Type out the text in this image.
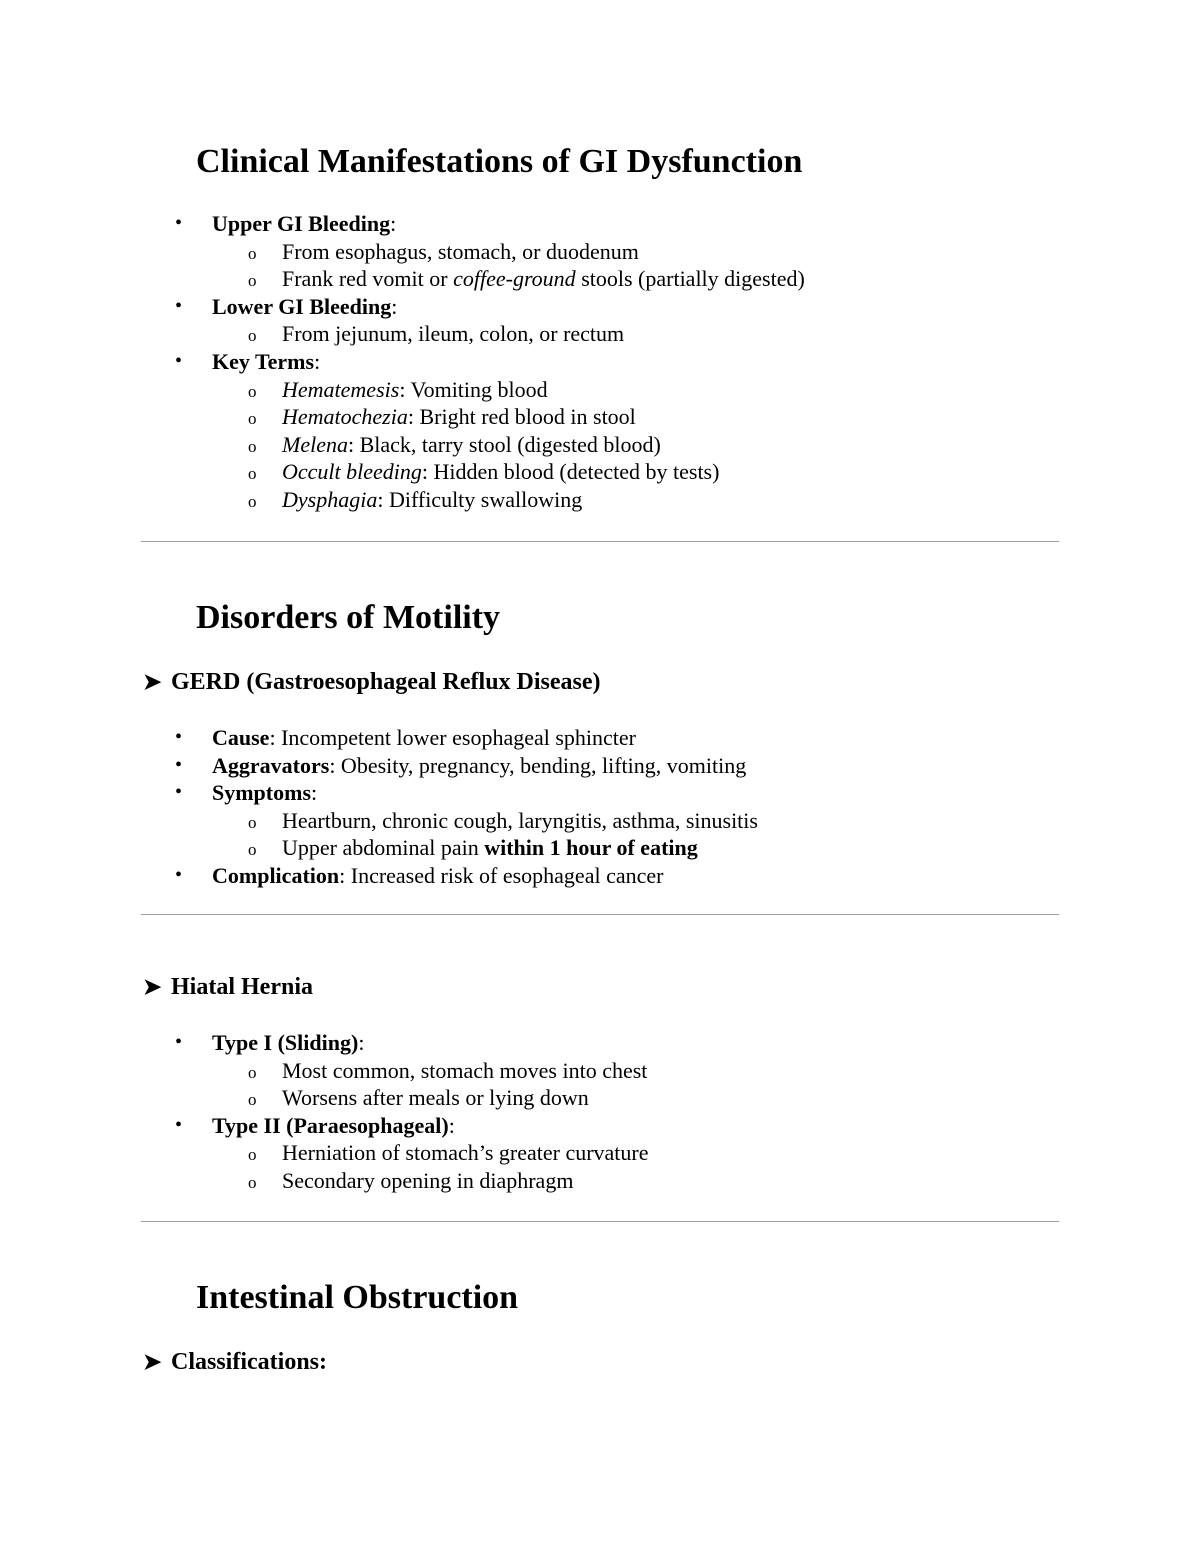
Clinical Manifestations of GI Dysfunction
• Upper GI Bleeding:
o From esophagus, stomach, or duodenum
o Frank red vomit or coffee-ground stools (partially digested)
• Lower GI Bleeding:
o From jejunum, ileum, colon, or rectum
• Key Terms:
o Hematemesis: Vomiting blood
o Hematochezia: Bright red blood in stool
o Melena: Black, tarry stool (digested blood)
o Occult bleeding: Hidden blood (detected by tests)
o Dysphagia: Difficulty swallowing
Disorders of Motility
➤ GERD (Gastroesophageal Reflux Disease)
• Cause: Incompetent lower esophageal sphincter
• Aggravators: Obesity, pregnancy, bending, lifting, vomiting
• Symptoms:
o Heartburn, chronic cough, laryngitis, asthma, sinusitis
o Upper abdominal pain within 1 hour of eating
• Complication: Increased risk of esophageal cancer
➤ Hiatal Hernia
• Type I (Sliding):
o Most common, stomach moves into chest
o Worsens after meals or lying down
• Type II (Paraesophageal):
o Herniation of stomach’s greater curvature
o Secondary opening in diaphragm
Intestinal Obstruction
➤ Classifications:
